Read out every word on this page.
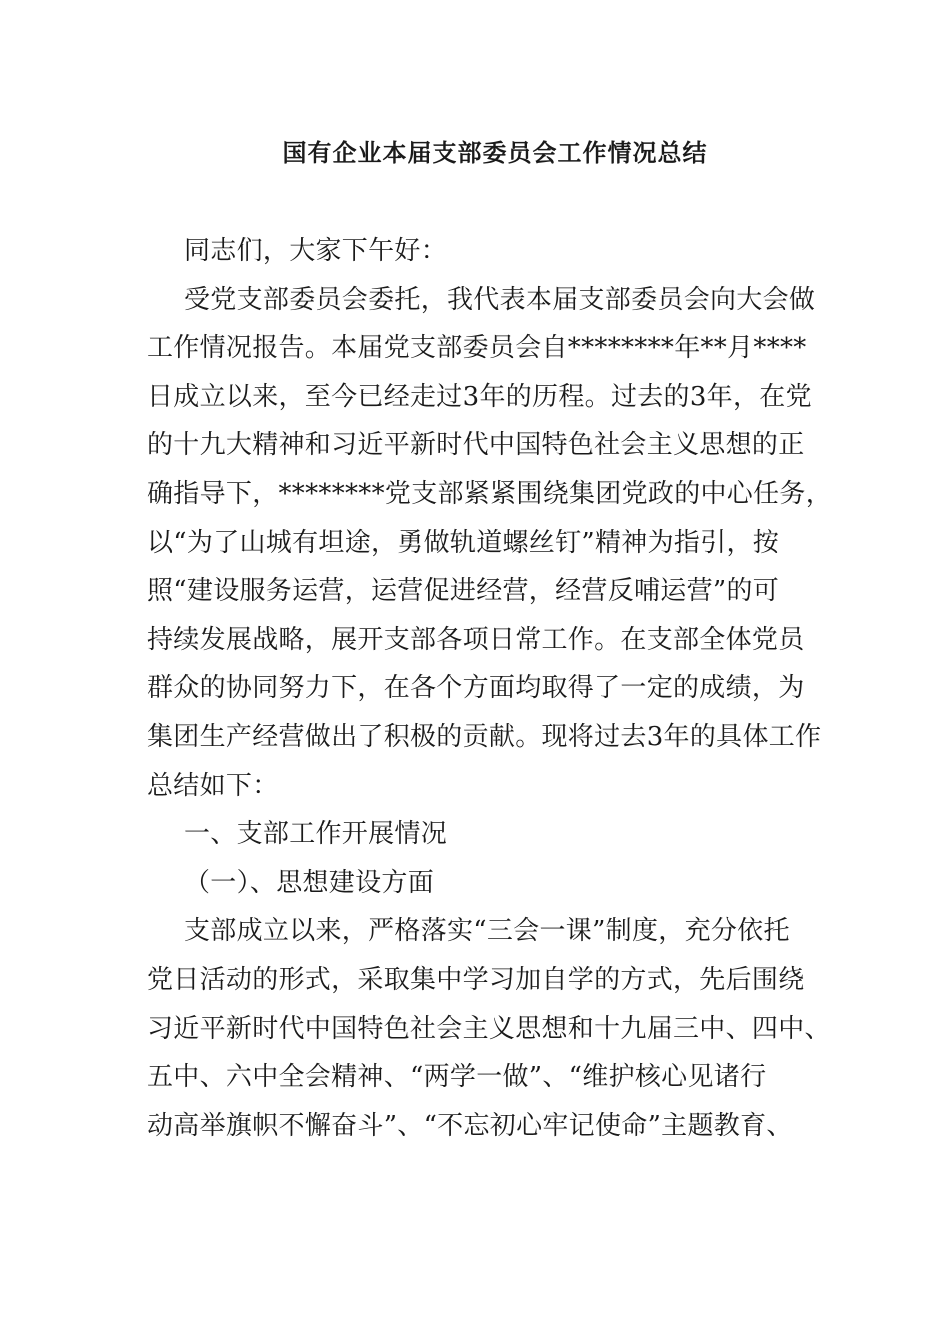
国有企业本届支部委员会工作情况总结
同志们，大家下午好：
受党支部委员会委托，我代表本届支部委员会向大会做
工作情况报告。本届党支部委员会自********年**月****
日成立以来，至今已经走过3年的历程。过去的3年，在党
的十九大精神和习近平新时代中国特色社会主义思想的正
确指导下，********党支部紧紧围绕集团党政的中心任务，
以“为了山城有坦途，勇做轨道螺丝钉”精神为指引，按
照“建设服务运营，运营促进经营，经营反哺运营”的可
持续发展战略，展开支部各项日常工作。在支部全体党员
群众的协同努力下，在各个方面均取得了一定的成绩，为
集团生产经营做出了积极的贡献。现将过去3年的具体工作
总结如下：
一、支部工作开展情况
（一）、思想建设方面
支部成立以来，严格落实“三会一课”制度，充分依托
党日活动的形式，采取集中学习加自学的方式，先后围绕
习近平新时代中国特色社会主义思想和十九届三中、四中、
五中、六中全会精神、“两学一做”、“维护核心见诸行
动高举旗帜不懈奋斗”、“不忘初心牢记使命”主题教育、
